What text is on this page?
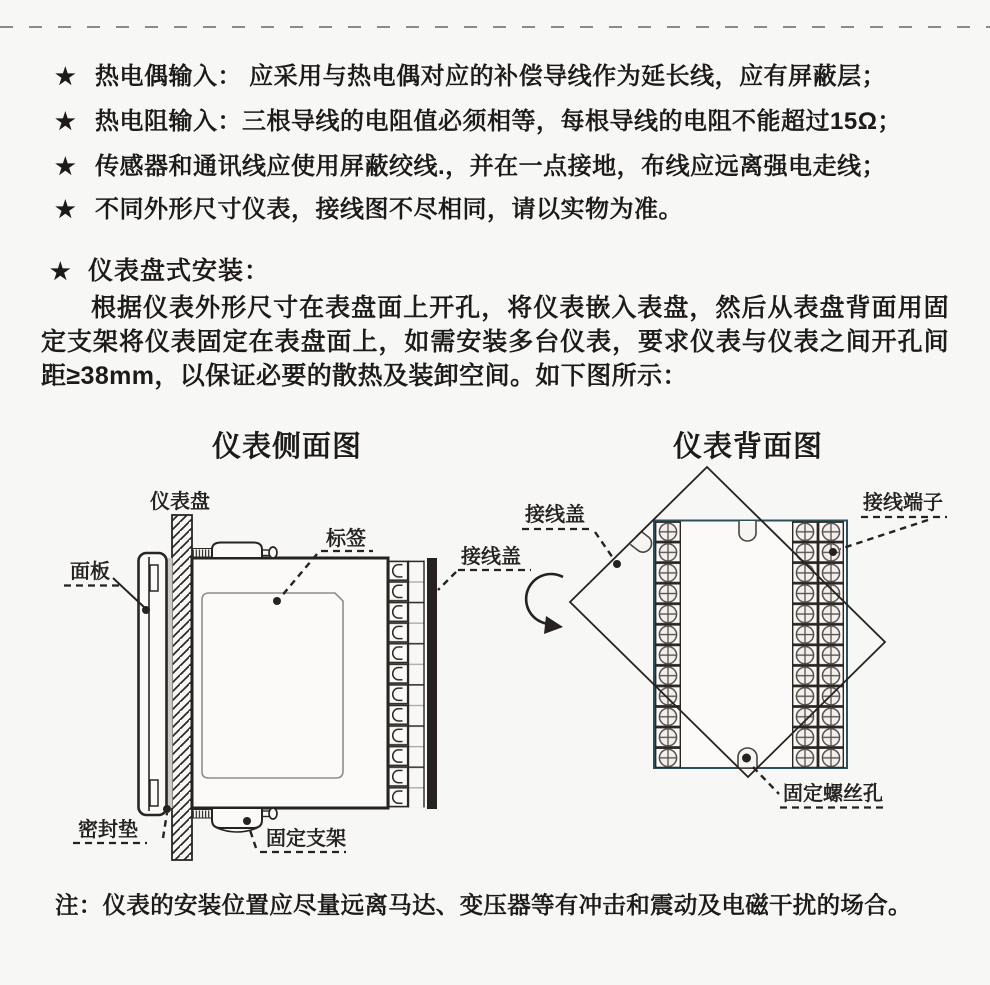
★ 热电偶输入： 应采用与热电偶对应的补偿导线作为延长线，应有屏蔽层；
★ 热电阻输入：三根导线的电阻值必须相等，每根导线的电阻不能超过15Ω；
★ 传感器和通讯线应使用屏蔽绞线.，并在一点接地，布线应远离强电走线；
★ 不同外形尺寸仪表，接线图不尽相同，请以实物为准。
★ 仪表盘式安装：
根据仪表外形尺寸在表盘面上开孔，将仪表嵌入表盘，然后从表盘背面用固定支架将仪表固定在表盘面上，如需安装多台仪表，要求仪表与仪表之间开孔间距≥38mm，以保证必要的散热及装卸空间。如下图所示：
仪表侧面图	仪表背面图
仪表盘
面板
标签
接线盖
密封垫	固定支架
接线盖
接线端子
固定螺丝孔
注：仪表的安装位置应尽量远离马达、变压器等有冲击和震动及电磁干扰的场合。
